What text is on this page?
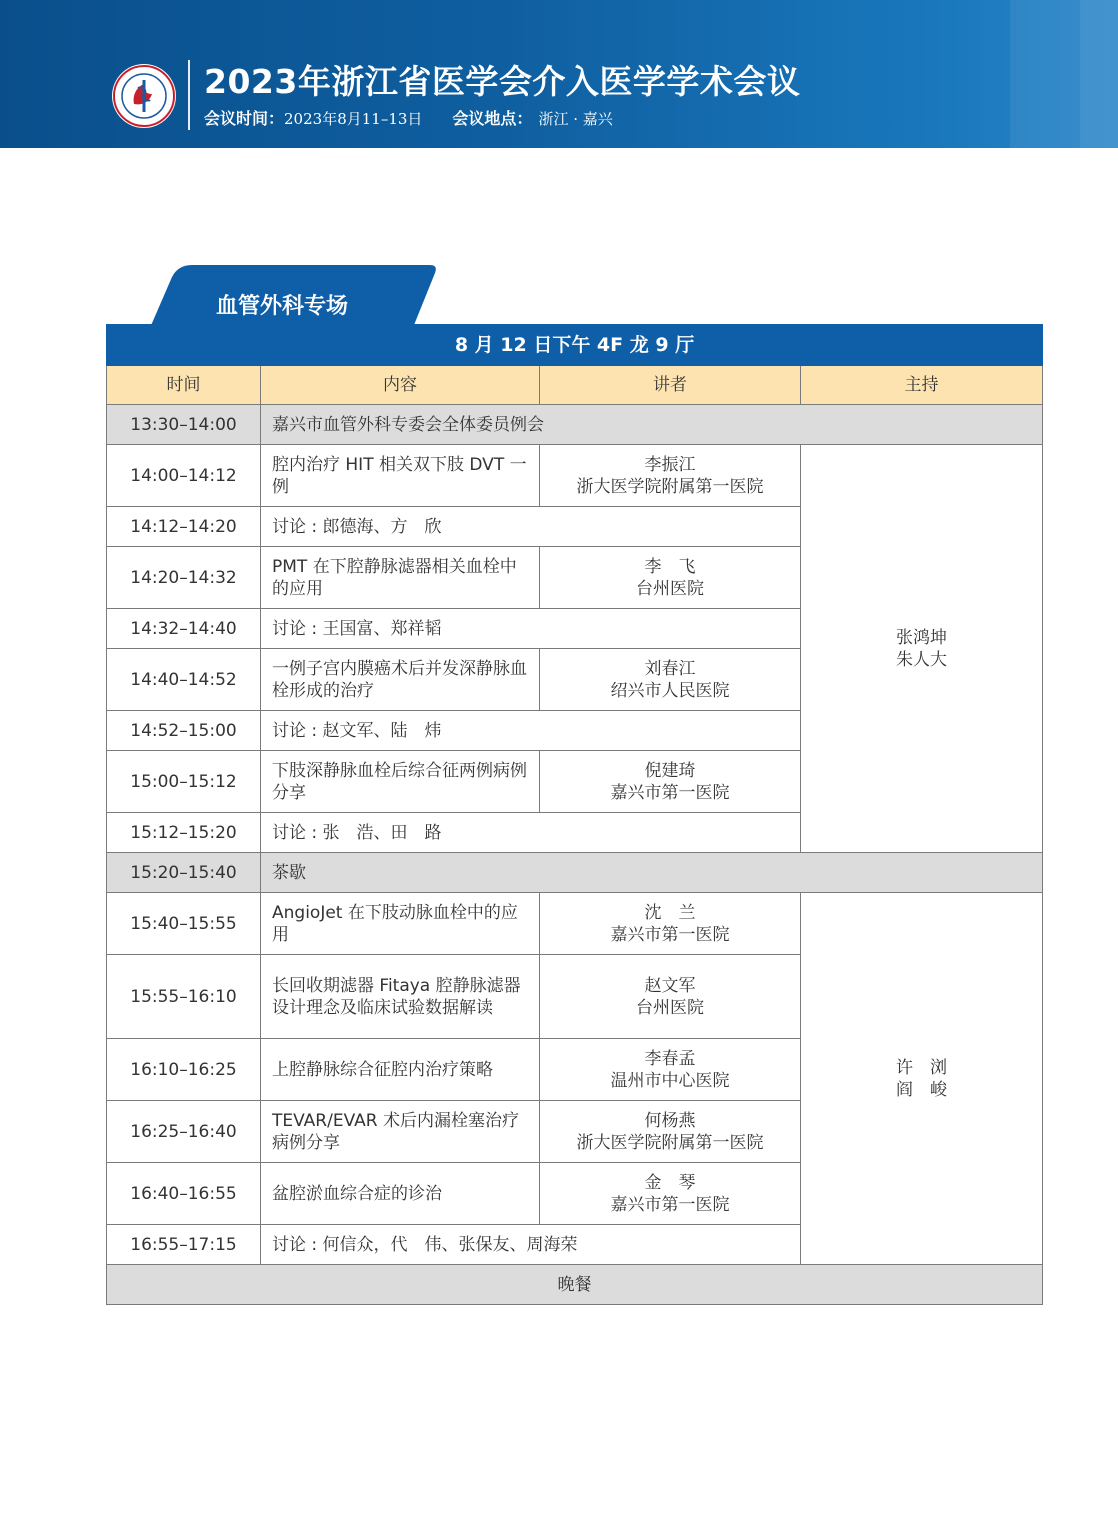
2023年浙江省医学会介入医学学术会议
会议时间：2023年8月11–13日 会议地点： 浙江 · 嘉兴
血管外科专场
8 月 12 日下午 4F 龙 9 厅			
时间	内容	讲者	主持
13:30–14:00	嘉兴市血管外科专委会全体委员例会		
14:00–14:12	腔内治疗 HIT 相关双下肢 DVT 一例	李振江
浙大医学院附属第一医院	张鸿坤
朱人大

14:12–14:20	讨论 : 郎德海、方　欣		
14:20–14:32	PMT 在下腔静脉滤器相关血栓中的应用	李　飞
台州医院	

14:32–14:40	讨论 : 王国富、郑祥韬		
14:40–14:52	一例子宫内膜癌术后并发深静脉血栓形成的治疗	刘春江
绍兴市人民医院	

14:52–15:00	讨论 : 赵文军、陆　炜		
15:00–15:12	下肢深静脉血栓后综合征两例病例分享	倪建琦
嘉兴市第一医院	

15:12–15:20	讨论 : 张　浩、田　路		
15:20–15:40	茶歇		
15:40–15:55	AngioJet 在下肢动脉血栓中的应用	沈　兰
嘉兴市第一医院	许　浏
阎　峻

15:55–16:10	长回收期滤器 Fitaya 腔静脉滤器设计理念及临床试验数据解读	赵文军
台州医院	

16:10–16:25	上腔静脉综合征腔内治疗策略	李春孟
温州市中心医院	

16:25–16:40	TEVAR/EVAR 术后内漏栓塞治疗病例分享	何杨燕
浙大医学院附属第一医院	

16:40–16:55	盆腔淤血综合症的诊治	金　琴
嘉兴市第一医院	

16:55–17:15	讨论 : 何信众，代　伟、张保友、周海荣		
晚餐			
